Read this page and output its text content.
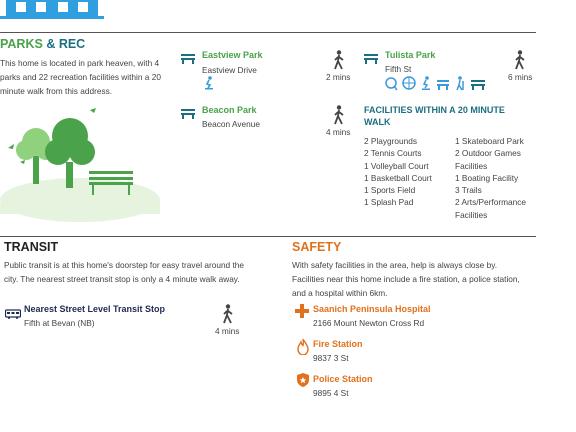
PARKS & REC
This home is located in park heaven, with 4 parks and 22 recreation facilities within a 20 minute walk from this address.
Eastview Park
Eastview Drive
2 mins
Beacon Park
Beacon Avenue
4 mins
Tulista Park
Fifth St
6 mins
FACILITIES WITHIN A 20 MINUTE WALK
2 Playgrounds
2 Tennis Courts
1 Volleyball Court
1 Basketball Court
1 Sports Field
1 Splash Pad
1 Skateboard Park
2 Outdoor Games
Facilities
1 Boating Facility
3 Trails
2 Arts/Performance
Facilities
TRANSIT
Public transit is at this home's doorstep for easy travel around the city. The nearest street transit stop is only a 4 minute walk away.
Nearest Street Level Transit Stop
Fifth at Bevan (NB)
4 mins
SAFETY
With safety facilities in the area, help is always close by. Facilities near this home include a fire station, a police station, and a hospital within 6km.
Saanich Peninsula Hospital
2166 Mount Newton Cross Rd
Fire Station
9837 3 St
Police Station
9895 4 St
